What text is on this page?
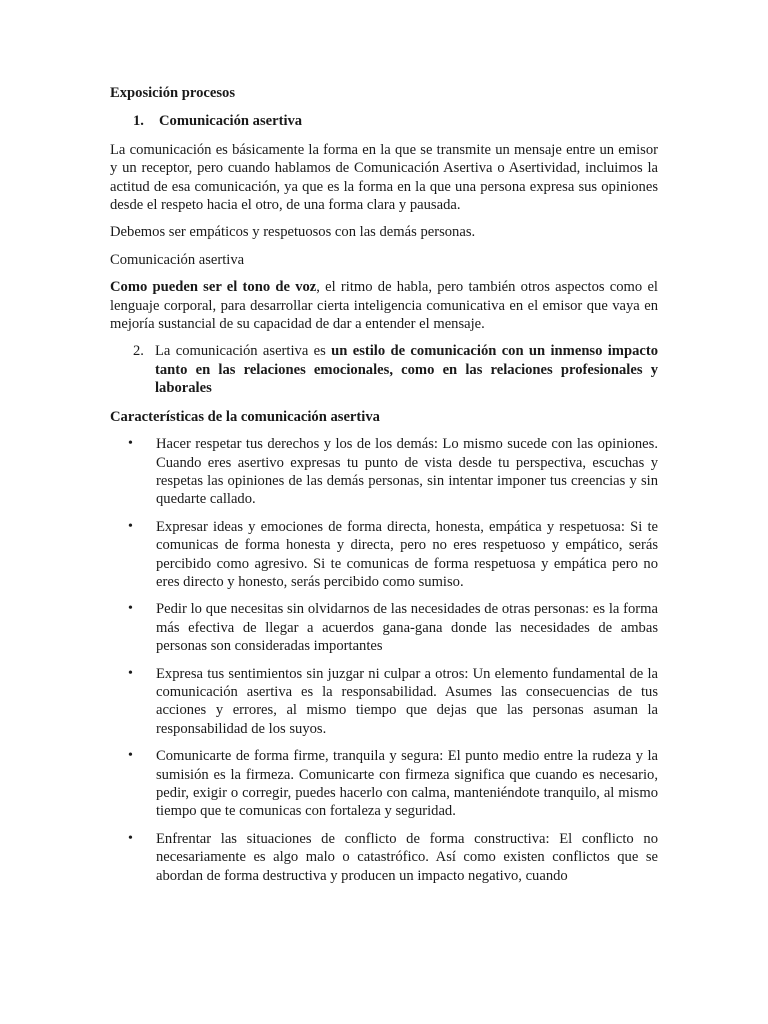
Exposición procesos

1.	Comunicación asertiva

La comunicación es básicamente la forma en la que se transmite un mensaje entre un emisor y un receptor, pero cuando hablamos de Comunicación Asertiva o Asertividad, incluimos la actitud de esa comunicación, ya que es la forma en la que una persona expresa sus opiniones desde el respeto hacia el otro, de una forma clara y pausada.

Debemos ser empáticos y respetuosos con las demás personas.

Comunicación asertiva

Como pueden ser el tono de voz, el ritmo de habla, pero también otros aspectos como el lenguaje corporal, para desarrollar cierta inteligencia comunicativa en el emisor que vaya en mejoría sustancial de su capacidad de dar a entender el mensaje.

2. La comunicación asertiva es un estilo de comunicación con un inmenso impacto tanto en las relaciones emocionales, como en las relaciones profesionales y laborales

Características de la comunicación asertiva

•	Hacer respetar tus derechos y los de los demás: Lo mismo sucede con las opiniones. Cuando eres asertivo expresas tu punto de vista desde tu perspectiva, escuchas y respetas las opiniones de las demás personas, sin intentar imponer tus creencias y sin quedarte callado.
•	Expresar ideas y emociones de forma directa, honesta, empática y respetuosa: Si te comunicas de forma honesta y directa, pero no eres respetuoso y empático, serás percibido como agresivo. Si te comunicas de forma respetuosa y empática pero no eres directo y honesto, serás percibido como sumiso.
•	Pedir lo que necesitas sin olvidarnos de las necesidades de otras personas: es la forma más efectiva de llegar a acuerdos gana-gana donde las necesidades de ambas personas son consideradas importantes
•	Expresa tus sentimientos sin juzgar ni culpar a otros: Un elemento fundamental de la comunicación asertiva es la responsabilidad. Asumes las consecuencias de tus acciones y errores, al mismo tiempo que dejas que las personas asuman la responsabilidad de los suyos.
•	Comunicarte de forma firme, tranquila y segura: El punto medio entre la rudeza y la sumisión es la firmeza. Comunicarte con firmeza significa que cuando es necesario, pedir, exigir o corregir, puedes hacerlo con calma, manteniéndote tranquilo, al mismo tiempo que te comunicas con fortaleza y seguridad.
•	Enfrentar las situaciones de conflicto de forma constructiva: El conflicto no necesariamente es algo malo o catastrófico. Así como existen conflictos que se abordan de forma destructiva y producen un impacto negativo, cuando
